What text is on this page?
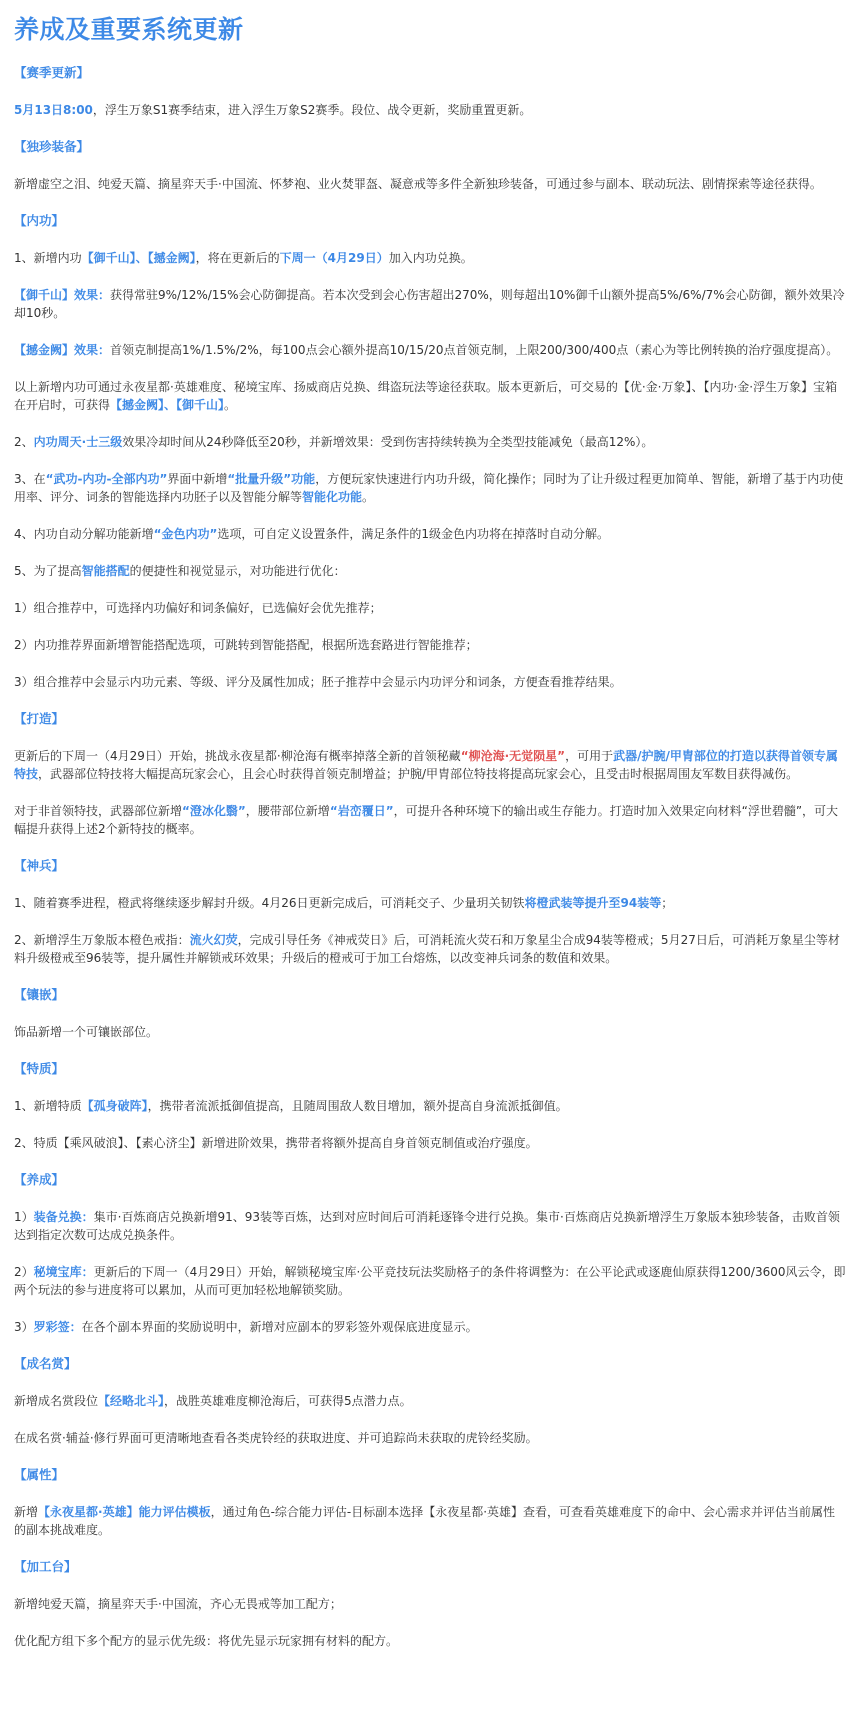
养成及重要系统更新
【赛季更新】

5月13日8:00，浮生万象S1赛季结束，进入浮生万象S2赛季。段位、战令更新，奖励重置更新。

【独珍装备】

新增虚空之泪、纯爱天篇、摘星弈天手·中国流、怀梦袍、业火焚罪盔、凝意戒等多件全新独珍装备，可通过参与副本、联动玩法、剧情探索等途径获得。

【内功】

1、新增内功【御千山】、【撼金阙】，将在更新后的下周一（4月29日）加入内功兑换。

【御千山】效果：获得常驻9%/12%/15%会心防御提高。若本次受到会心伤害超出270%，则每超出10%御千山额外提高5%/6%/7%会心防御，额外效果冷却10秒。

【撼金阙】效果：首领克制提高1%/1.5%/2%，每100点会心额外提高10/15/20点首领克制，上限200/300/400点（素心为等比例转换的治疗强度提高）。

以上新增内功可通过永夜星都·英雄难度、秘境宝库、扬威商店兑换、缉盗玩法等途径获取。版本更新后，可交易的【优·金·万象】、【内功·金·浮生万象】宝箱在开启时，可获得【撼金阙】、【御千山】。

2、内功周天·士三级效果冷却时间从24秒降低至20秒，并新增效果：受到伤害持续转换为全类型技能减免（最高12%）。

3、在“武功-内功-全部内功”界面中新增“批量升级”功能，方便玩家快速进行内功升级，简化操作；同时为了让升级过程更加简单、智能，新增了基于内功使用率、评分、词条的智能选择内功胚子以及智能分解等智能化功能。

4、内功自动分解功能新增“金色内功”选项，可自定义设置条件，满足条件的1级金色内功将在掉落时自动分解。

5、为了提高智能搭配的便捷性和视觉显示，对功能进行优化：

1）组合推荐中，可选择内功偏好和词条偏好，已选偏好会优先推荐；

2）内功推荐界面新增智能搭配选项，可跳转到智能搭配，根据所选套路进行智能推荐；

3）组合推荐中会显示内功元素、等级、评分及属性加成；胚子推荐中会显示内功评分和词条，方便查看推荐结果。

【打造】

更新后的下周一（4月29日）开始，挑战永夜星都·柳沧海有概率掉落全新的首领秘藏“柳沧海·无觉陨星”，可用于武器/护腕/甲胄部位的打造以获得首领专属特技，武器部位特技将大幅提高玩家会心，且会心时获得首领克制增益；护腕/甲胄部位特技将提高玩家会心，且受击时根据周围友军数目获得减伤。

对于非首领特技，武器部位新增“澄冰化翳”，腰带部位新增“岩峦覆日”，可提升各种环境下的输出或生存能力。打造时加入效果定向材料“浮世碧髓”，可大幅提升获得上述2个新特技的概率。

【神兵】

1、随着赛季进程，橙武将继续逐步解封升级。4月26日更新完成后，可消耗交子、少量玥关韧铁将橙武装等提升至94装等；

2、新增浮生万象版本橙色戒指：流火幻荧，完成引导任务《神戒荧日》后，可消耗流火荧石和万象星尘合成94装等橙戒；5月27日后，可消耗万象星尘等材料升级橙戒至96装等，提升属性并解锁戒环效果；升级后的橙戒可于加工台熔炼，以改变神兵词条的数值和效果。

【镶嵌】

饰品新增一个可镶嵌部位。

【特质】

1、新增特质【孤身破阵】，携带者流派抵御值提高，且随周围敌人数目增加，额外提高自身流派抵御值。

2、特质【乘风破浪】、【素心济尘】新增进阶效果，携带者将额外提高自身首领克制值或治疗强度。

【养成】

1）装备兑换：集市·百炼商店兑换新增91、93装等百炼，达到对应时间后可消耗逐锋令进行兑换。集市·百炼商店兑换新增浮生万象版本独珍装备，击败首领达到指定次数可达成兑换条件。

2）秘境宝库：更新后的下周一（4月29日）开始，解锁秘境宝库·公平竞技玩法奖励格子的条件将调整为：在公平论武或逐鹿仙原获得1200/3600风云令，即两个玩法的参与进度将可以累加，从而可更加轻松地解锁奖励。

3）罗彩签：在各个副本界面的奖励说明中，新增对应副本的罗彩签外观保底进度显示。

【成名赏】

新增成名赏段位【经略北斗】，战胜英雄难度柳沧海后，可获得5点潜力点。

在成名赏·辅益·修行界面可更清晰地查看各类虎铃经的获取进度、并可追踪尚未获取的虎铃经奖励。

【属性】

新增【永夜星都·英雄】能力评估模板，通过角色-综合能力评估-目标副本选择【永夜星都·英雄】查看，可查看英雄难度下的命中、会心需求并评估当前属性的副本挑战难度。

【加工台】

新增纯爱天篇，摘星弈天手·中国流，齐心无畏戒等加工配方；

优化配方组下多个配方的显示优先级：将优先显示玩家拥有材料的配方。
